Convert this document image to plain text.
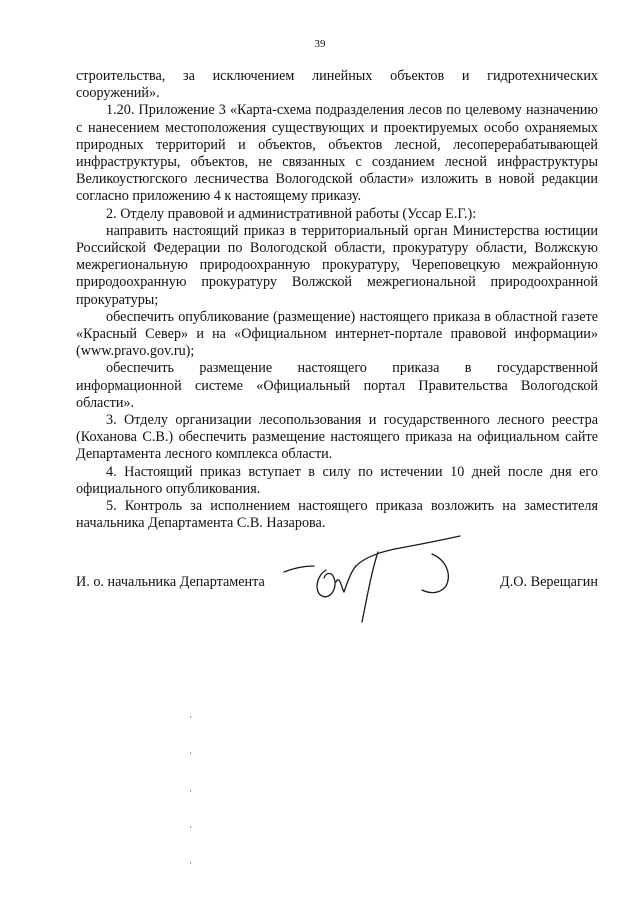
39

строительства, за исключением линейных объектов и гидротехнических сооружений».

1.20. Приложение 3 «Карта-схема подразделения лесов по целевому назначению с нанесением местоположения существующих и проектируемых особо охраняемых природных территорий и объектов, объектов лесной, лесоперерабатывающей инфраструктуры, объектов, не связанных с созданием лесной инфраструктуры Великоустюгского лесничества Вологодской области» изложить в новой редакции согласно приложению 4 к настоящему приказу.

2. Отделу правовой и административной работы (Уссар Е.Г.):

направить настоящий приказ в территориальный орган Министерства юстиции Российской Федерации по Вологодской области, прокуратуру области, Волжскую межрегиональную природоохранную прокуратуру, Череповецкую межрайонную природоохранную прокуратуру Волжской межрегиональной природоохранной прокуратуры;

обеспечить опубликование (размещение) настоящего приказа в областной газете «Красный Север» и на «Официальном интернет-портале правовой информации» (www.pravo.gov.ru);

обеспечить размещение настоящего приказа в государственной информационной системе «Официальный портал Правительства Вологодской области».

3. Отделу организации лесопользования и государственного лесного реестра (Коханова С.В.) обеспечить размещение настоящего приказа на официальном сайте Департамента лесного комплекса области.

4. Настоящий приказ вступает в силу по истечении 10 дней после дня его официального опубликования.

5. Контроль за исполнением настоящего приказа возложить на заместителя начальника Департамента С.В. Назарова.

И. о. начальника Департамента	Д.О. Верещагин
